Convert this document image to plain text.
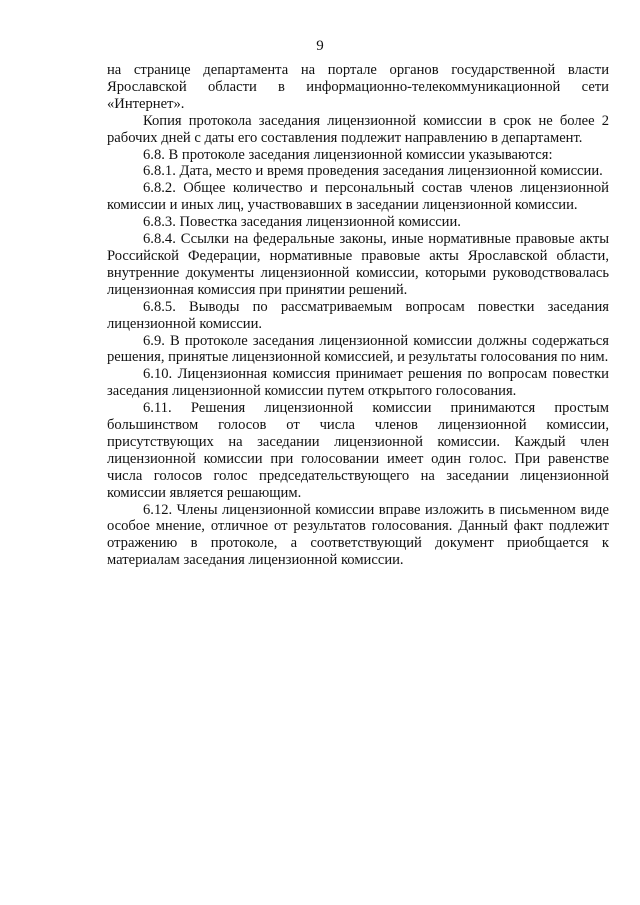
9

на странице департамента на портале органов государственной власти Ярославской области в информационно-телекоммуникационной сети «Интернет».

Копия протокола заседания лицензионной комиссии в срок не более 2 рабочих дней с даты его составления подлежит направлению в департамент.

6.8. В протоколе заседания лицензионной комиссии указываются:

6.8.1. Дата, место и время проведения заседания лицензионной комиссии.

6.8.2. Общее количество и персональный состав членов лицензионной комиссии и иных лиц, участвовавших в заседании лицензионной комиссии.

6.8.3. Повестка заседания лицензионной комиссии.

6.8.4. Ссылки на федеральные законы, иные нормативные правовые акты Российской Федерации, нормативные правовые акты Ярославской области, внутренние документы лицензионной комиссии, которыми руководствовалась лицензионная комиссия при принятии решений.

6.8.5. Выводы по рассматриваемым вопросам повестки заседания лицензионной комиссии.

6.9. В протоколе заседания лицензионной комиссии должны содержаться решения, принятые лицензионной комиссией, и результаты голосования по ним.

6.10. Лицензионная комиссия принимает решения по вопросам повестки заседания лицензионной комиссии путем открытого голосования.

6.11. Решения лицензионной комиссии принимаются простым большинством голосов от числа членов лицензионной комиссии, присутствующих на заседании лицензионной комиссии. Каждый член лицензионной комиссии при голосовании имеет один голос. При равенстве числа голосов голос председательствующего на заседании лицензионной комиссии является решающим.

6.12. Члены лицензионной комиссии вправе изложить в письменном виде особое мнение, отличное от результатов голосования. Данный факт подлежит отражению в протоколе, а соответствующий документ приобщается к материалам заседания лицензионной комиссии.
